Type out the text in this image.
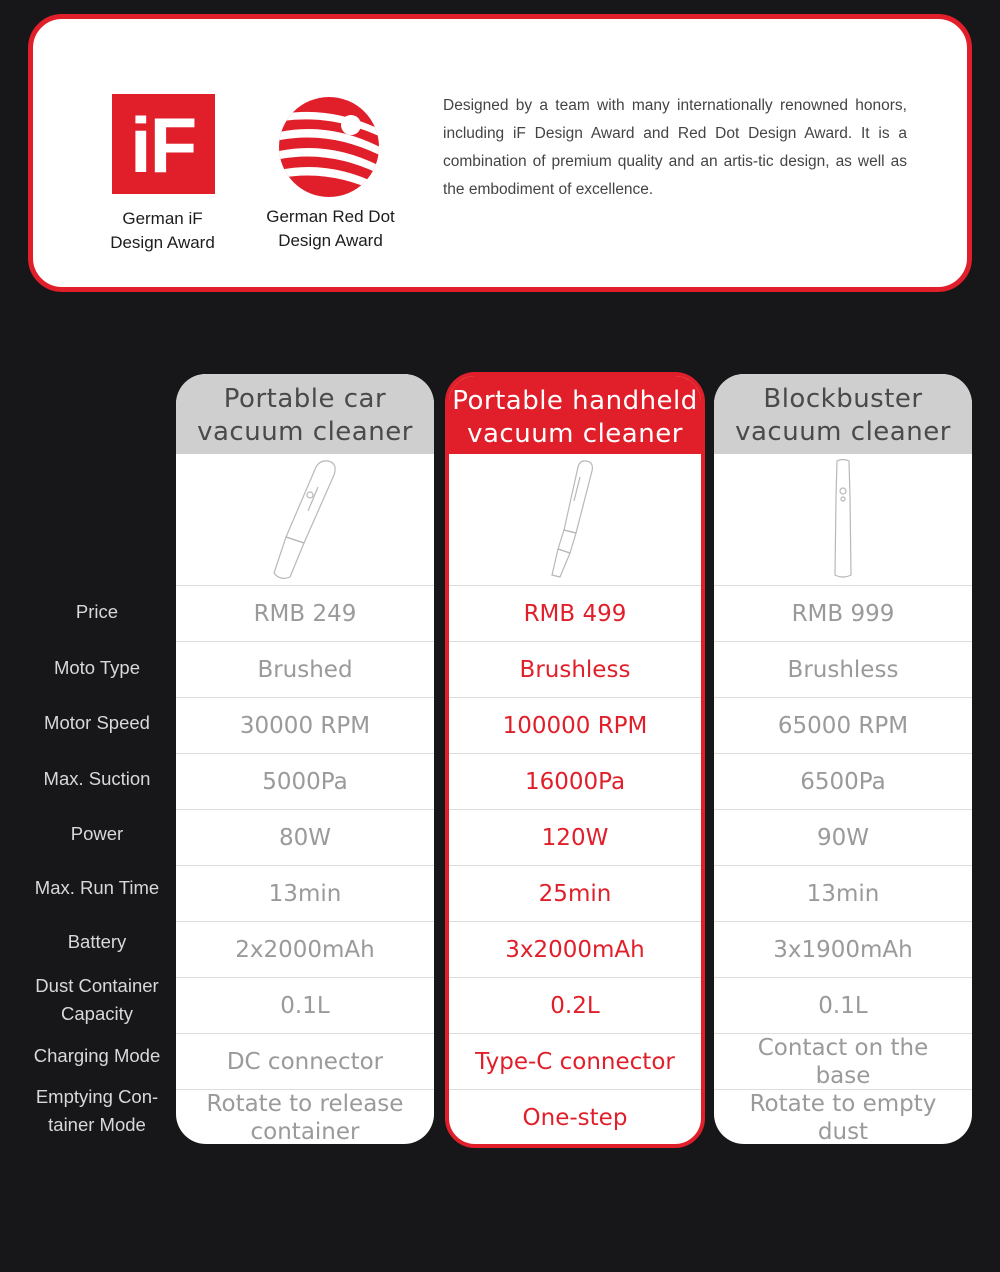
iF
German iF
Design Award
German Red Dot
Design Award
Designed by a team with many internationally renowned honors, including iF Design Award and Red Dot Design Award. It is a combination of premium quality and an artis-tic design, as well as the embodiment of excellence.
Price
Moto Type
Motor Speed
Max. Suction
Power
Max. Run Time
Battery
Dust Container
Capacity
Charging Mode
Emptying Con-
tainer Mode
Portable car
vacuum cleaner
RMB 249
Brushed
30000 RPM
5000Pa
80W
13min
2x2000mAh
0.1L
DC connector
Rotate to release
container
Portable handheld
vacuum cleaner
RMB 499
Brushless
100000 RPM
16000Pa
120W
25min
3x2000mAh
0.2L
Type-C connector
One-step
Blockbuster
vacuum cleaner
RMB 999
Brushless
65000 RPM
6500Pa
90W
13min
3x1900mAh
0.1L
Contact on the
base
Rotate to empty
dust
